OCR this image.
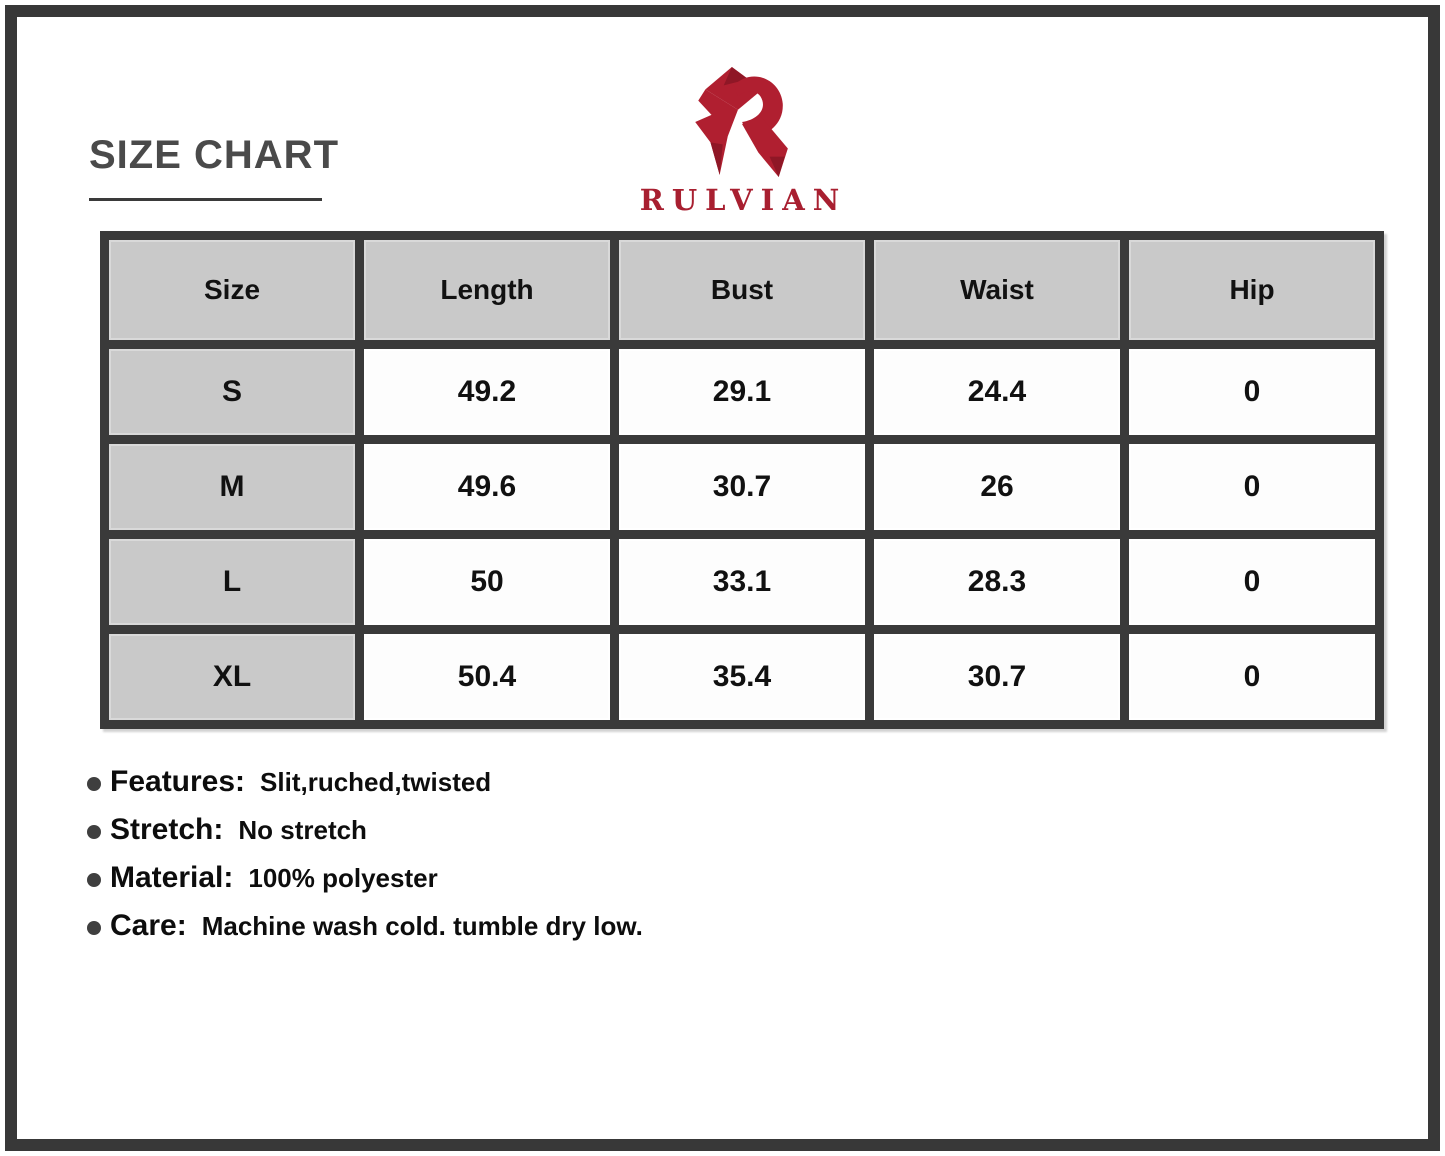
SIZE CHART
RULVIAN
Size	Length	Bust	Waist	Hip
S	49.2	29.1	24.4	0
M	49.6	30.7	26	0
L	50	33.1	28.3	0
XL	50.4	35.4	30.7	0
Features: Slit,ruched,twisted
Stretch: No stretch
Material: 100% polyester
Care: Machine wash cold. tumble dry low.
